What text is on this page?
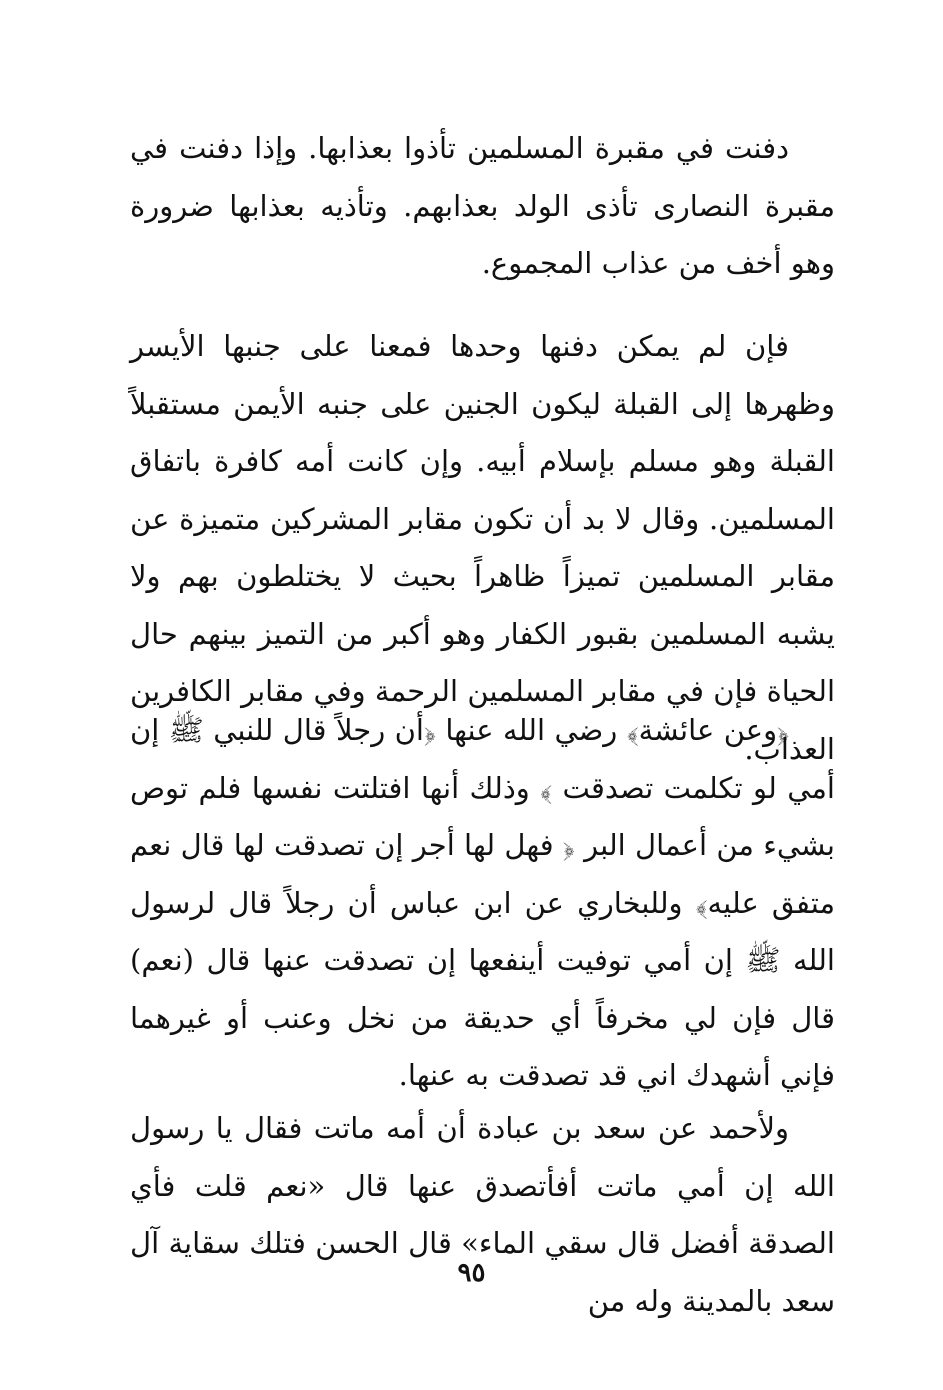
دفنت في مقبرة المسلمين تأذوا بعذابها. وإذا دفنت في مقبرة النصارى تأذى الولد بعذابهم. وتأذيه بعذابها ضرورة وهو أخف من عذاب المجموع.

فإن لم يمكن دفنها وحدها فمعنا على جنبها الأيسر وظهرها إلى القبلة ليكون الجنين على جنبه الأيمن مستقبلاً القبلة وهو مسلم بإسلام أبيه. وإن كانت أمه كافرة باتفاق المسلمين. وقال لا بد أن تكون مقابر المشركين متميزة عن مقابر المسلمين تميزاً ظاهراً بحيث لا يختلطون بهم ولا يشبه المسلمين بقبور الكفار وهو أكبر من التميز بينهم حال الحياة فإن في مقابر المسلمين الرحمة وفي مقابر الكافرين العذاب.

﴿وعن عائشة﴾ رضي الله عنها ﴿أن رجلاً قال للنبي ﷺ إن أمي لو تكلمت تصدقت ﴾ وذلك أنها افتلتت نفسها فلم توص بشيء من أعمال البر ﴿ فهل لها أجر إن تصدقت لها قال نعم متفق عليه﴾ وللبخاري عن ابن عباس أن رجلاً قال لرسول الله ﷺ إن أمي توفيت أينفعها إن تصدقت عنها قال (نعم) قال فإن لي مخرفاً أي حديقة من نخل وعنب أو غيرهما فإني أشهدك اني قد تصدقت به عنها.

ولأحمد عن سعد بن عبادة أن أمه ماتت فقال يا رسول الله إن أمي ماتت أفأتصدق عنها قال «نعم قلت فأي الصدقة أفضل قال سقي الماء» قال الحسن فتلك سقاية آل سعد بالمدينة وله من

٩٥
